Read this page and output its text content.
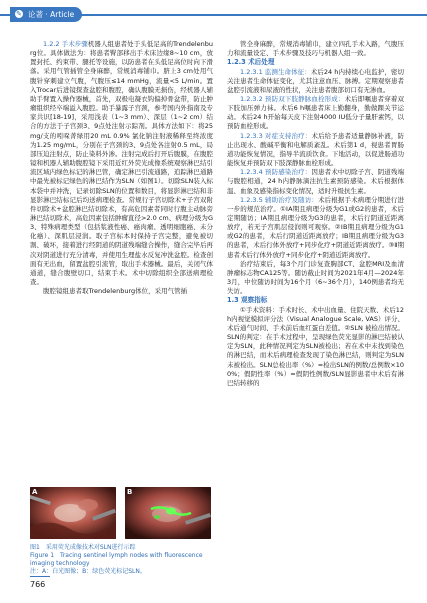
✎ 论著 · Article

1.2.2 手术步骤机器人组患者处于头低足高的Trendelenburg位。具体做法为：将患者臀部移出手术床边缘8~10 cm，放置封托、约束带、腿托等设施，以防患者在头低足高位时向下滑落。采用气管插管全身麻醉，常规消毒铺巾。脐上3 cm处用气腹针穿刺建立气腹，气腹压≤14 mmHg，流量<5 L/min。置入Trocar后进镜探查盆腔和腹腔，确认腹膜无损伤，经机器人辅助手臂置入操作器械，首先，双极电凝衣钩偏掉骨盆带，防止肿瘤组织经卒端溢入腹腔。助手暴露子宫颈，参考国内外指南及专家共识[18-19]，采用浅表（1~3 mm）、深层（1~2 cm）结合的方法于子宫颈3、9点处注射示踪剂。具体方法如下：将25 mg/支的吲哚菁绿用20 mL 0.9% 氯化钠注射液稀释至终浓度为1.25 mg/mL，分别在子宫颈的3、9点处各注射0.5 mL，局部压迫注射点，防止染料外渗。注射完成后打开后腹膜，在腹腔镜和机器人辅助腹腔镜下采用近红外荧光成像系统观察淋巴结引流区域内绿色标记的淋巴管，确定淋巴引流通路，追踪淋巴通路中最先被标记绿色的淋巴结作为SLN（如图1）。切除SLN装入标本袋中并冲洗，记录切除SLN的位置和数目，将显影淋巴结和非显影淋巴结标记后均送病理检查。常规行子宫切除术+子宫双附件切除术+盆腔淋巴结切除术，有高危因素者同时行腹主动脉旁淋巴结切除术，高危因素包括肿瘤直径>2.0 cm、病理分级为G3、特殊病理类型（包括浆液性癌、癌肉瘤、透明细胞癌、未分化癌）、深肌层浸润。取子宫标本时保持子宫完整，避免被切割、破坏，接着进行经阴道的阴道残端缝合操作，缝合完毕后再次对阴道进行充分清毒，并使用生理盐水反复冲洗盆腔。检查创面有无出血，留置盆腔引流管，取出手术器械。最后，关闭气体通道，缝合腹壁切口，结束手术。术中切除组织全部送病理检查。

腹腔镜组患者取Trendelenburg体位，采用气管插

管全身麻醉，常规消毒铺巾，建立四孔手术入路，气腹压力和流量设定、手术步骤及技巧与机器人组一致。

1.2.3 术后处理

1.2.3.1 监测生命体征：术后24 h内持续心电监护，密切关注患者生命体征变化，尤其注意血压、脉搏。定期观察患者盆腔引流液和尿液的性状，关注患者腹部切口有无渗血。

1.2.3.2 预防双下肢静脉血栓形成：术后即嘱患者穿着双下肢加压弹力袜。术后6 h嘱患者床上勤翻身，勤做踝关节运动。术后24 h开始每天皮下注射4000 IU低分子量肝素钙，以预防血栓形成。

1.2.3.3 对症支持治疗：术后给予患者适量静脉补液，防止出现水、酸碱平衡和电解质紊乱。术后第1 d，视患者胃肠道功能恢复情况，指导半流质饮食。下地活动，以促进肠道功能恢复并预防双下肢深静脉血栓形成。

1.2.3.4 预防感染治疗：因患者术中切除子宫、阴道残端与腹腔相通，24 h内静脉滴注抗生素预防感染。术后根据体温、血象及感染指标变化情况，适时升级抗生素。

1.2.3.5 辅助治疗及随访：术后根据手术病理分期进行进一步的规范治疗。①ⅠA期且病理分级为G1或G2的患者，术后定期随访；ⅠA期且病理分级为G3的患者，术后行阴道近距离放疗，若无子宫肌层侵润则可观察。②ⅠB期且病理分级为G1或G2的患者，术后行阴道近距离放疗；ⅠB期且病理分级为G3的患者，术后行体外放疗+同步化疗+阴道近距离放疗。③Ⅱ期患者术后行体外放疗+同步化疗+阴道近距离放疗。

治疗结束后，每3个月门诊复查胸部CT、盆腔MRI及血清肿瘤标志物CA125等。随访截止时间为2021年4月—2024年3月，中位随访时间为16个月（6~36个月），140例患者均无失访。

1.3 观察指标

①手术资料：手术时长、术中出血量、住院天数、术后12 h内视觉模拟评分法（Visual Analogue Scale, VAS）评分、术后通气时间、手术前后血红蛋白差值。②SLN 被检出情况。SLN的判定：在手术过程中，呈现绿色荧光显影的淋巴结被认定为SLN，此种情况判定为SLN被检出；若在术中未找到染色的淋巴结，而术后病理检查发现了染色淋巴结，则判定为SLN未被检出。SLN总检出率（%）=检出SLN的例数/总例数×100%；假阴性率（%）=假阴性例数/SLN显影患者中术后有淋巴结转移的

A	B

图1　采用荧光成像技术对SLN进行示踪

Figure 1　Tracing sentinel lymph nodes with fluorescence imaging technology

注：A：白光图像；B：绿色荧光标记SLN。

766
